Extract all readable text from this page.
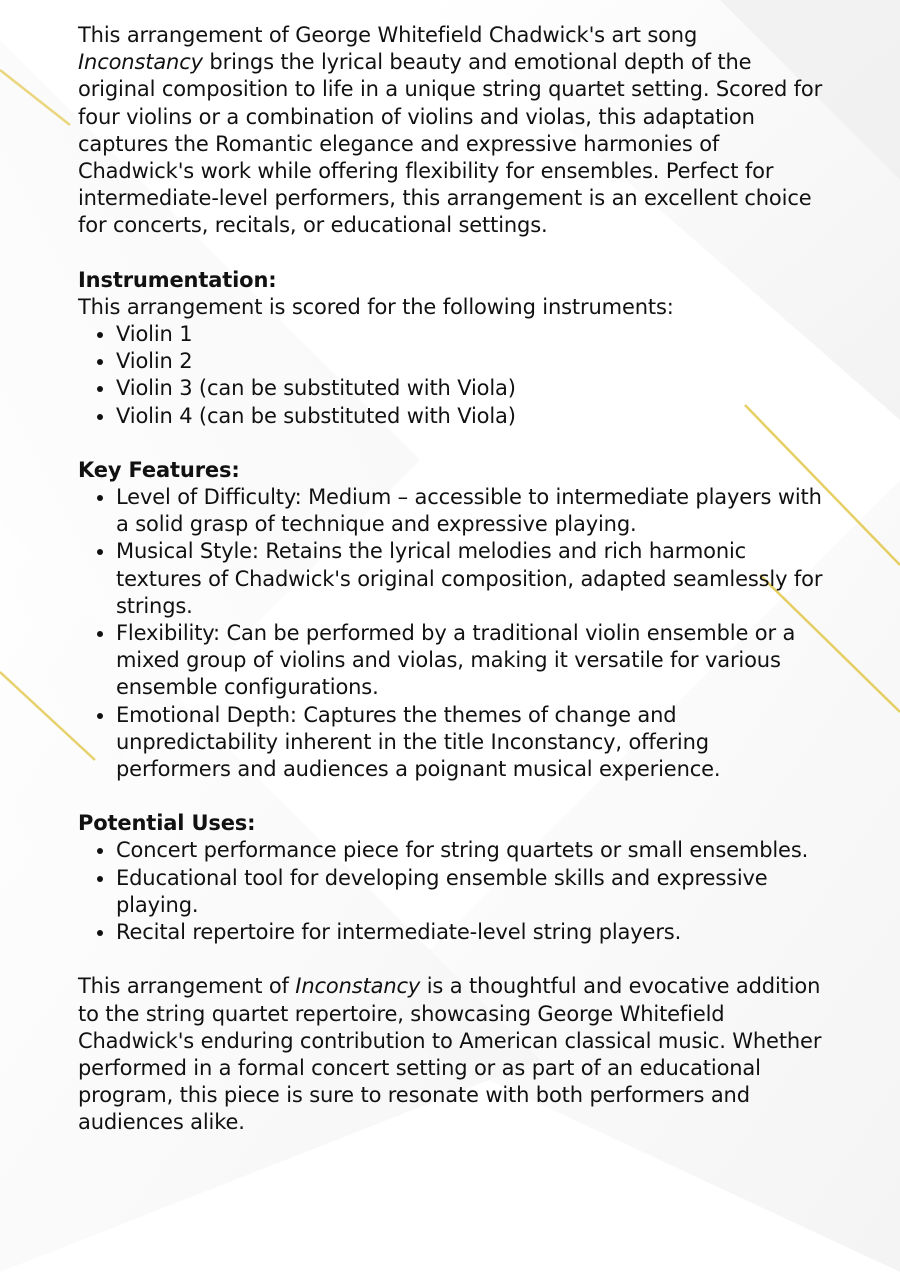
This arrangement of George Whitefield Chadwick's art song Inconstancy brings the lyrical beauty and emotional depth of the original composition to life in a unique string quartet setting. Scored for four violins or a combination of violins and violas, this adaptation captures the Romantic elegance and expressive harmonies of Chadwick's work while offering flexibility for ensembles. Perfect for intermediate-level performers, this arrangement is an excellent choice for concerts, recitals, or educational settings.

Instrumentation:

This arrangement is scored for the following instruments:

• Violin 1
• Violin 2
• Violin 3 (can be substituted with Viola)
• Violin 4 (can be substituted with Viola)
Key Features:
• Level of Difficulty: Medium – accessible to intermediate players with a solid grasp of technique and expressive playing.
• Musical Style: Retains the lyrical melodies and rich harmonic textures of Chadwick's original composition, adapted seamlessly for strings.
• Flexibility: Can be performed by a traditional violin ensemble or a mixed group of violins and violas, making it versatile for various ensemble configurations.
• Emotional Depth: Captures the themes of change and unpredictability inherent in the title Inconstancy, offering performers and audiences a poignant musical experience.
Potential Uses:
• Concert performance piece for string quartets or small ensembles.
• Educational tool for developing ensemble skills and expressive playing.
• Recital repertoire for intermediate-level string players.

This arrangement of Inconstancy is a thoughtful and evocative addition to the string quartet repertoire, showcasing George Whitefield Chadwick's enduring contribution to American classical music. Whether performed in a formal concert setting or as part of an educational program, this piece is sure to resonate with both performers and audiences alike.
